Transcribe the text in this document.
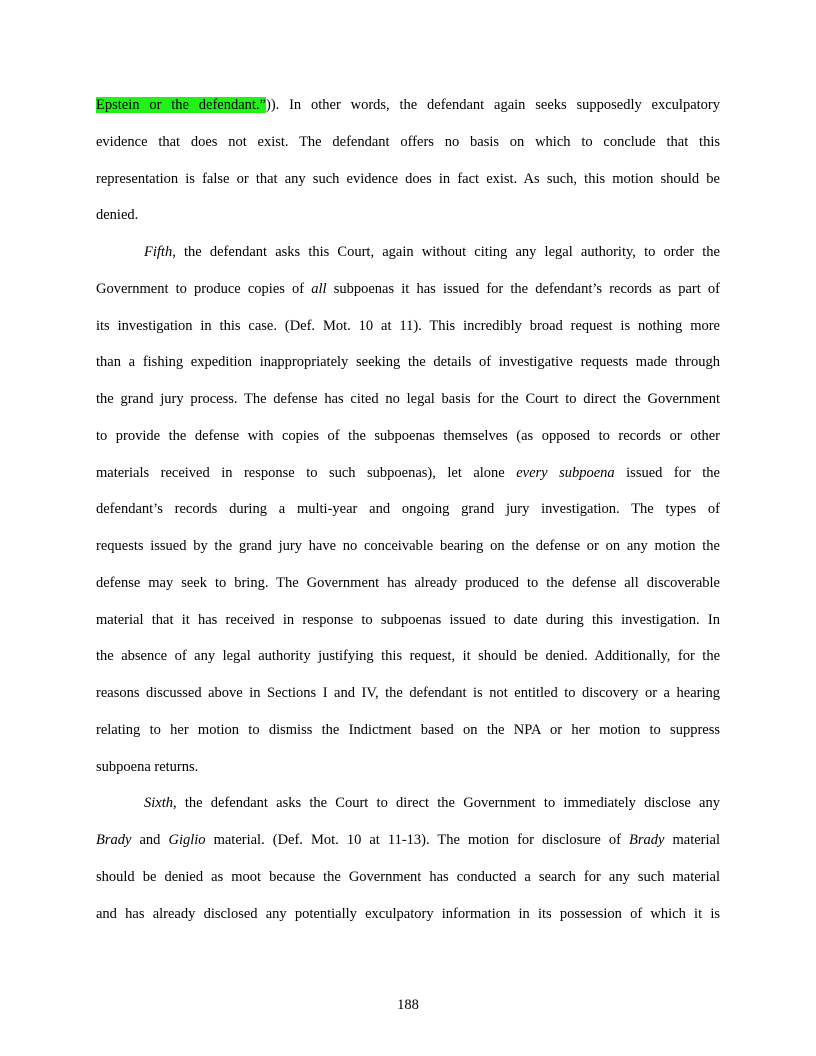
Epstein or the defendant.”)). In other words, the defendant again seeks supposedly exculpatory
evidence that does not exist. The defendant offers no basis on which to conclude that this
representation is false or that any such evidence does in fact exist. As such, this motion should be
denied.
Fifth, the defendant asks this Court, again without citing any legal authority, to order the
Government to produce copies of all subpoenas it has issued for the defendant’s records as part of
its investigation in this case. (Def. Mot. 10 at 11). This incredibly broad request is nothing more
than a fishing expedition inappropriately seeking the details of investigative requests made through
the grand jury process. The defense has cited no legal basis for the Court to direct the Government
to provide the defense with copies of the subpoenas themselves (as opposed to records or other
materials received in response to such subpoenas), let alone every subpoena issued for the
defendant’s records during a multi-year and ongoing grand jury investigation. The types of
requests issued by the grand jury have no conceivable bearing on the defense or on any motion the
defense may seek to bring. The Government has already produced to the defense all discoverable
material that it has received in response to subpoenas issued to date during this investigation. In
the absence of any legal authority justifying this request, it should be denied. Additionally, for the
reasons discussed above in Sections I and IV, the defendant is not entitled to discovery or a hearing
relating to her motion to dismiss the Indictment based on the NPA or her motion to suppress
subpoena returns.
Sixth, the defendant asks the Court to direct the Government to immediately disclose any
Brady and Giglio material. (Def. Mot. 10 at 11-13). The motion for disclosure of Brady material
should be denied as moot because the Government has conducted a search for any such material
and has already disclosed any potentially exculpatory information in its possession of which it is
188
